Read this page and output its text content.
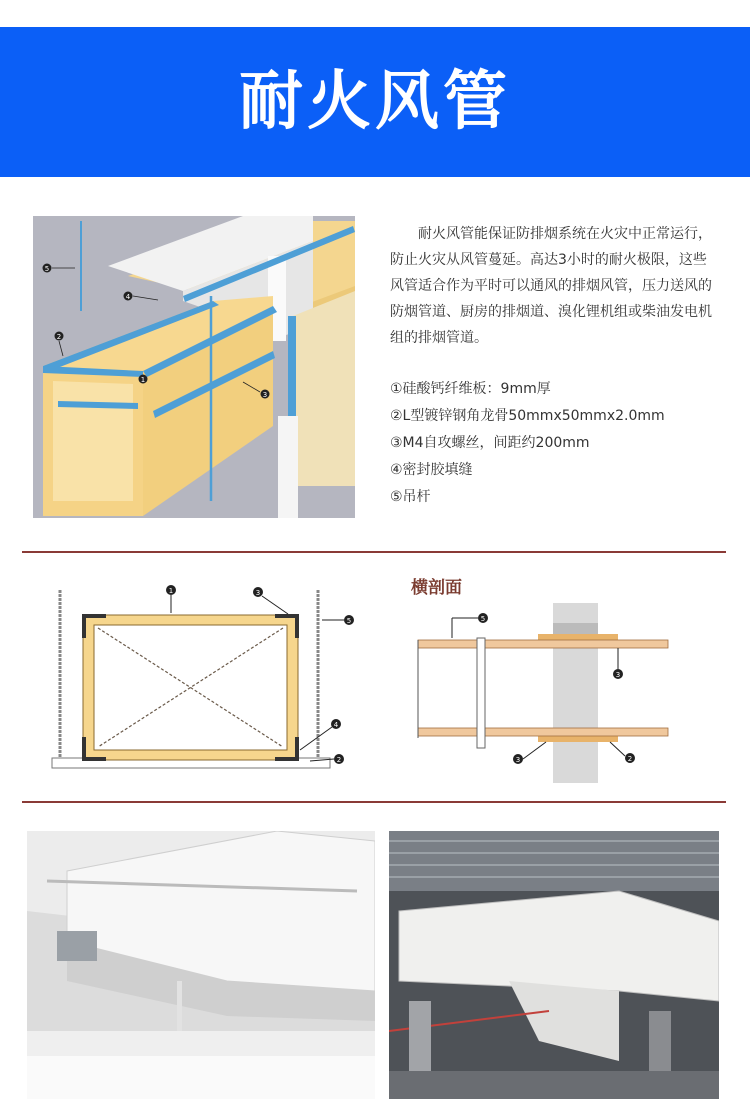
耐火风管
5
4
2
1
3

耐火风管能保证防排烟系统在火灾中正常运行，防止火灾从风管蔓延。高达3小时的耐火极限，这些风管适合作为平时可以通风的排烟风管，压力送风的防烟管道、厨房的排烟道、溴化锂机组或柴油发电机组的排烟管道。

①硅酸钙纤维板：9mm厚
②L型镀锌钢角龙骨50mmx50mmx2.0mm
③M4自攻螺丝，间距约200mm
④密封胶填缝
⑤吊杆
1	3
5
4
2
横剖面
5
3
3	2
